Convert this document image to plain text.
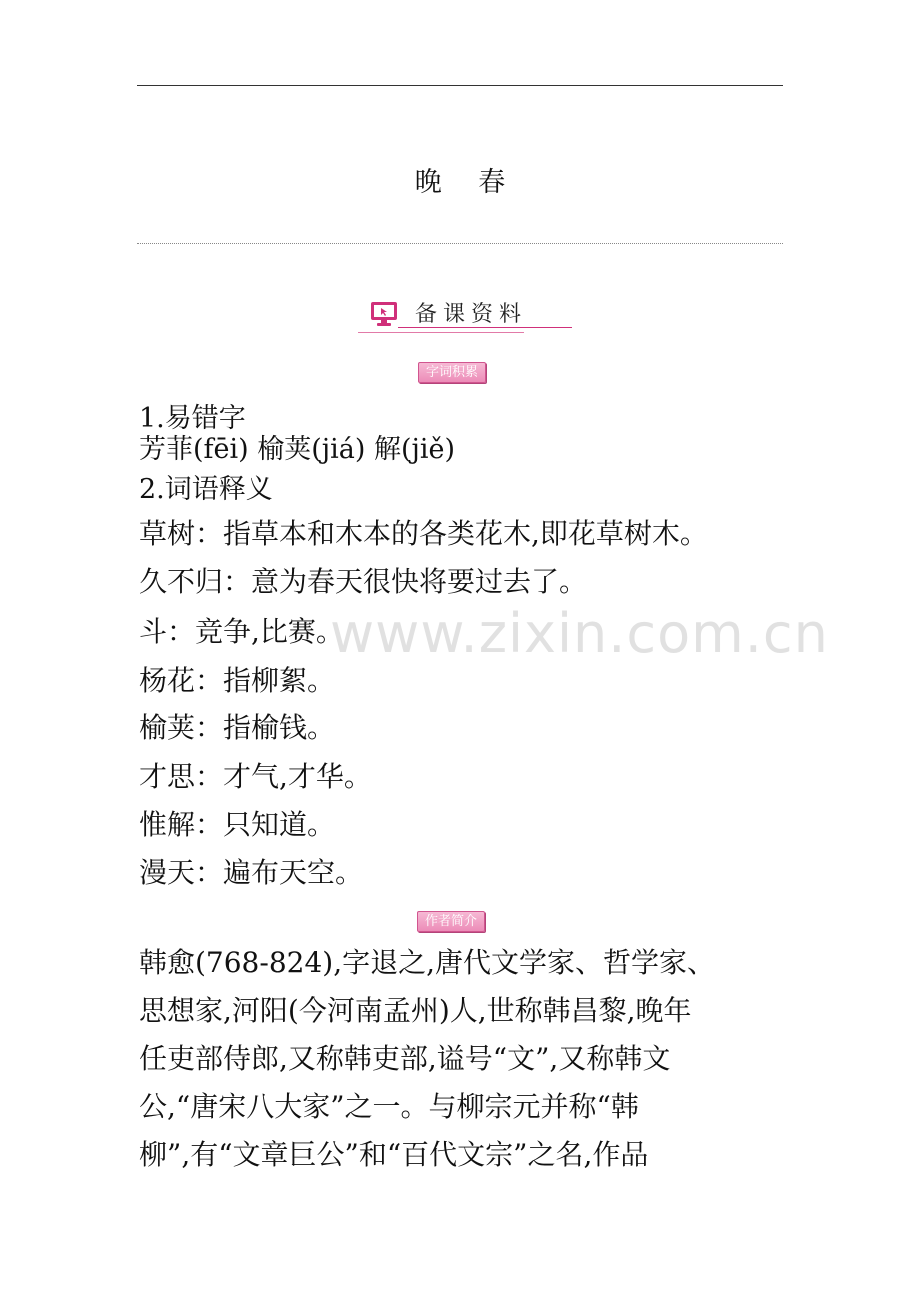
晚 春
备课资料
字词积累
1.易错字
芳菲(fēi) 榆荚(jiá) 解(jiě)
2.词语释义
草树：指草本和木本的各类花木,即花草树木。
久不归：意为春天很快将要过去了。
斗：竞争,比赛。
杨花：指柳絮。
榆荚：指榆钱。
才思：才气,才华。
惟解：只知道。
漫天：遍布天空。
www.zixin.com.cn
作者简介
韩愈(768-824),字退之,唐代文学家、哲学家、
思想家,河阳(今河南孟州)人,世称韩昌黎,晚年
任吏部侍郎,又称韩吏部,谥号“文”,又称韩文
公,“唐宋八大家”之一。与柳宗元并称“韩
柳”,有“文章巨公”和“百代文宗”之名,作品
